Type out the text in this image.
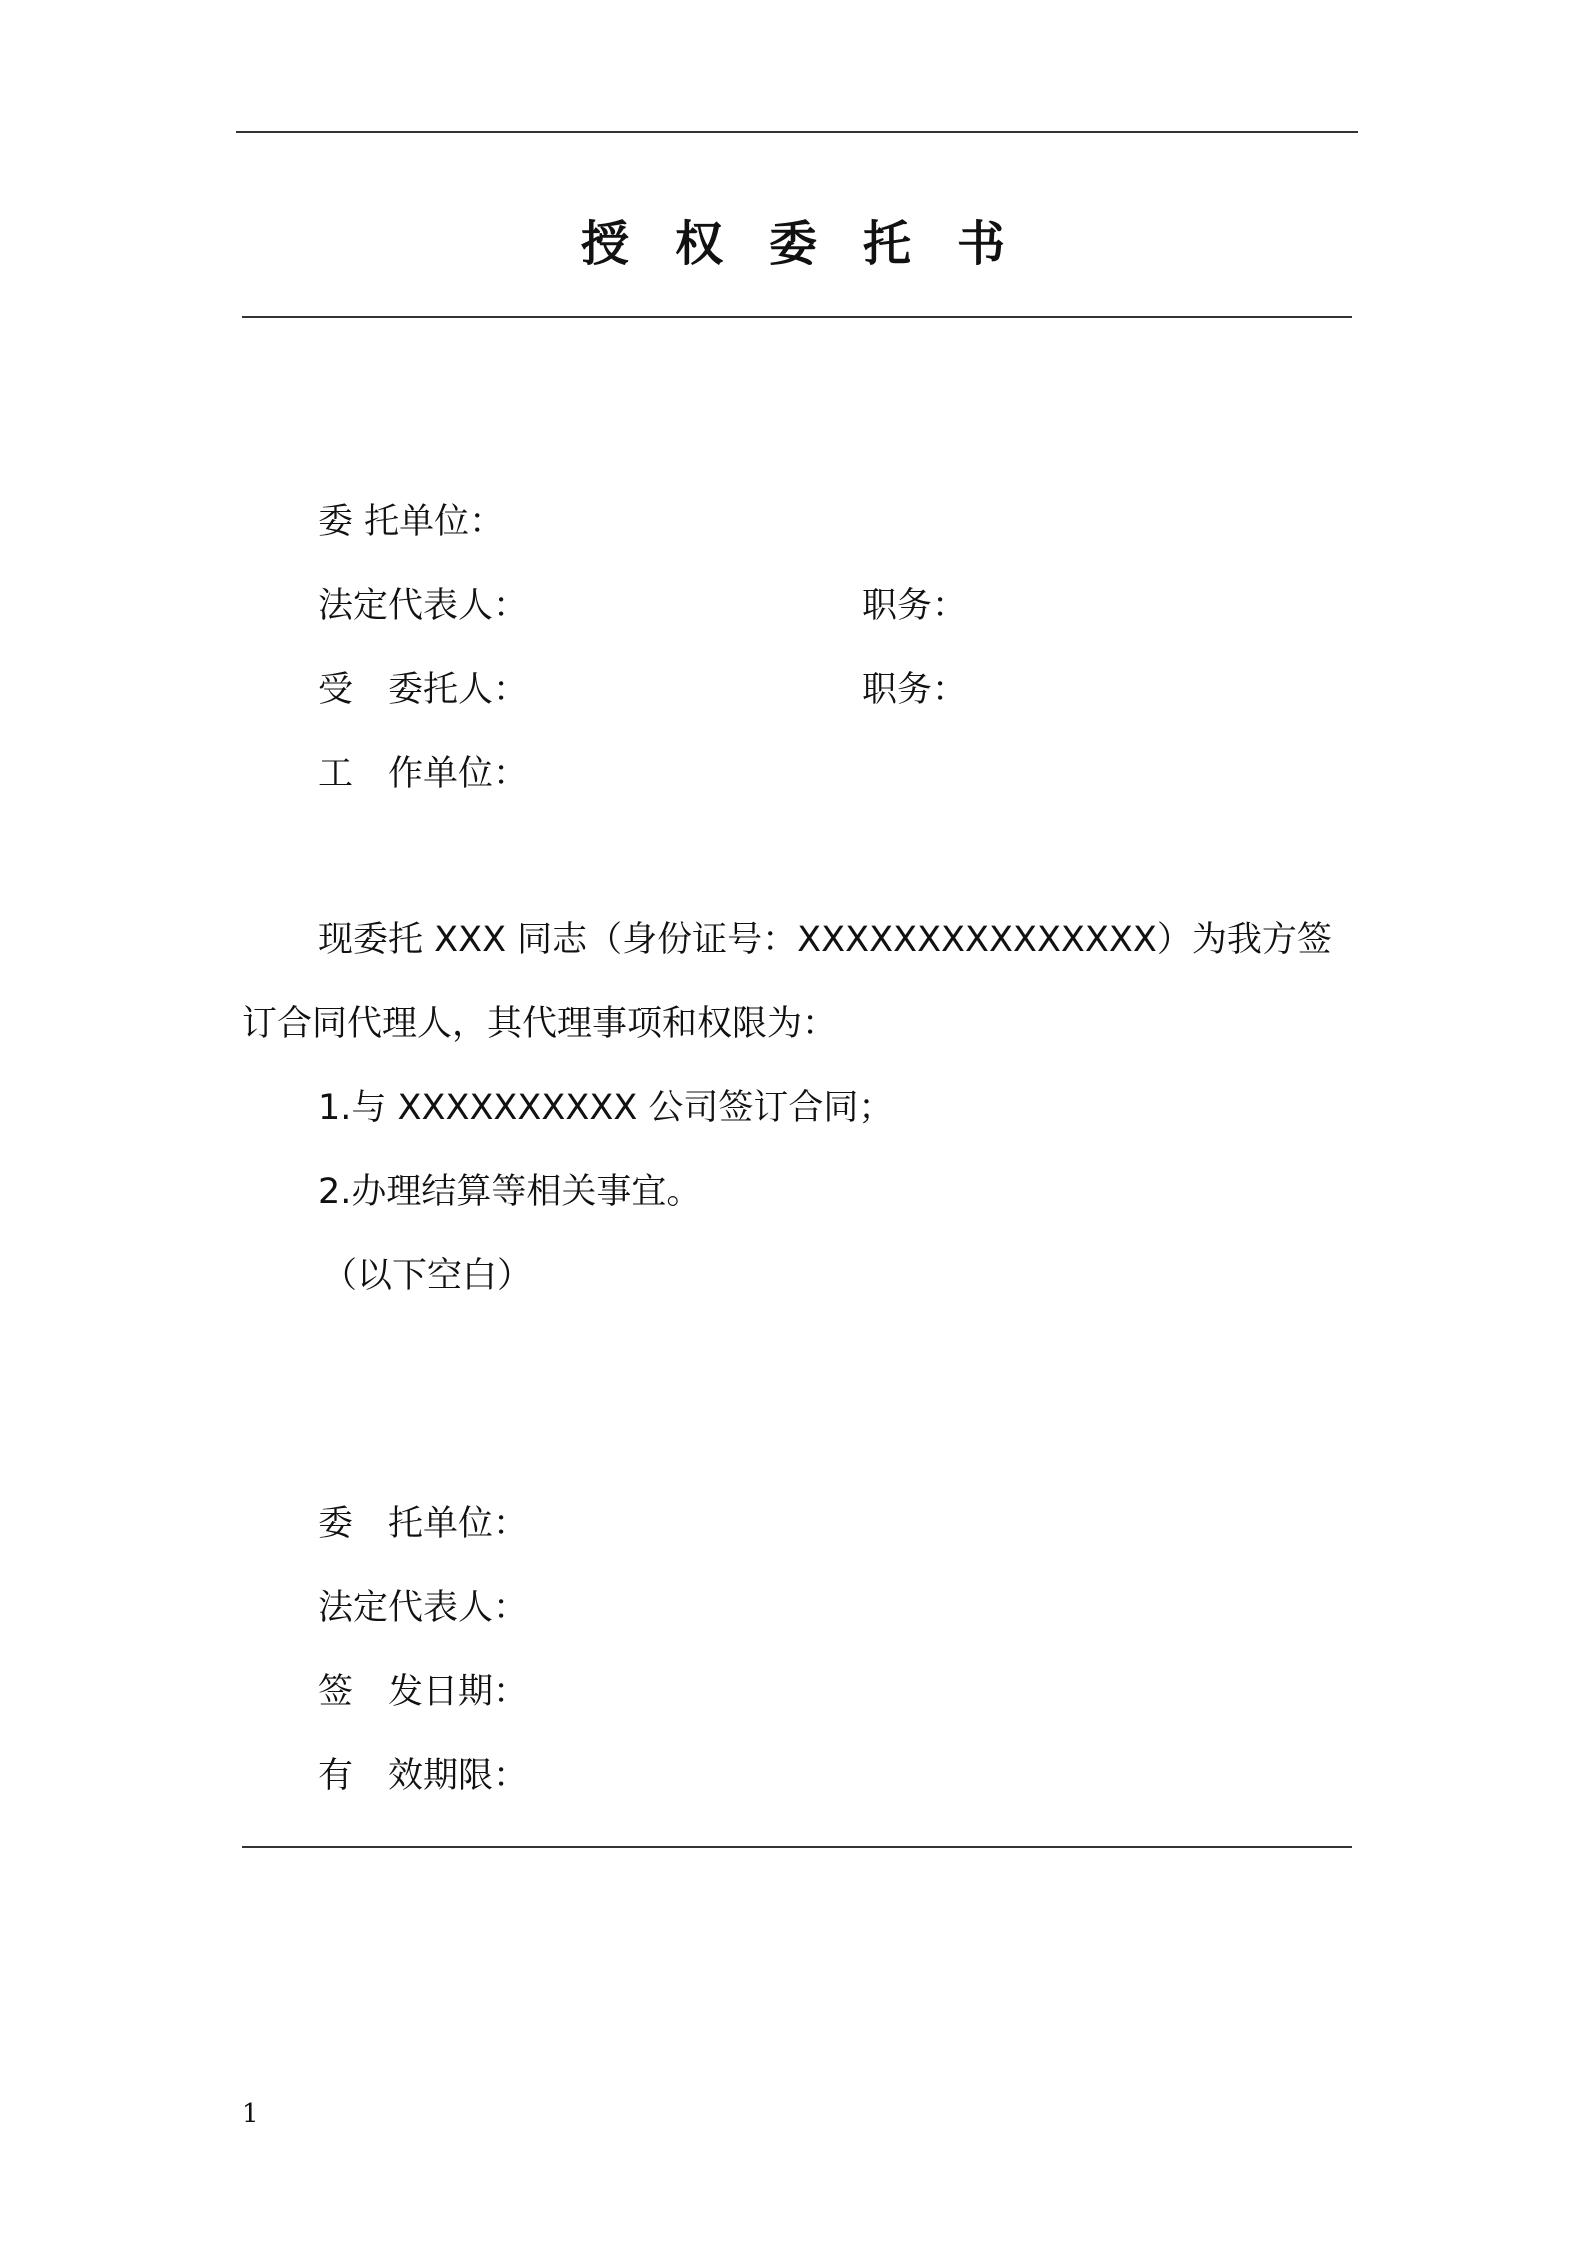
授权委托书
委 托单位：
法定代表人：	职务：
受　委托人：	职务：
工　作单位：
现委托 XXX 同志（身份证号：XXXXXXXXXXXXXXX）为我方签
订合同代理人，其代理事项和权限为：
1.与 XXXXXXXXXX 公司签订合同；
2.办理结算等相关事宜。
（以下空白）
委　托单位：
法定代表人：
签　发日期：
有　效期限：
1
